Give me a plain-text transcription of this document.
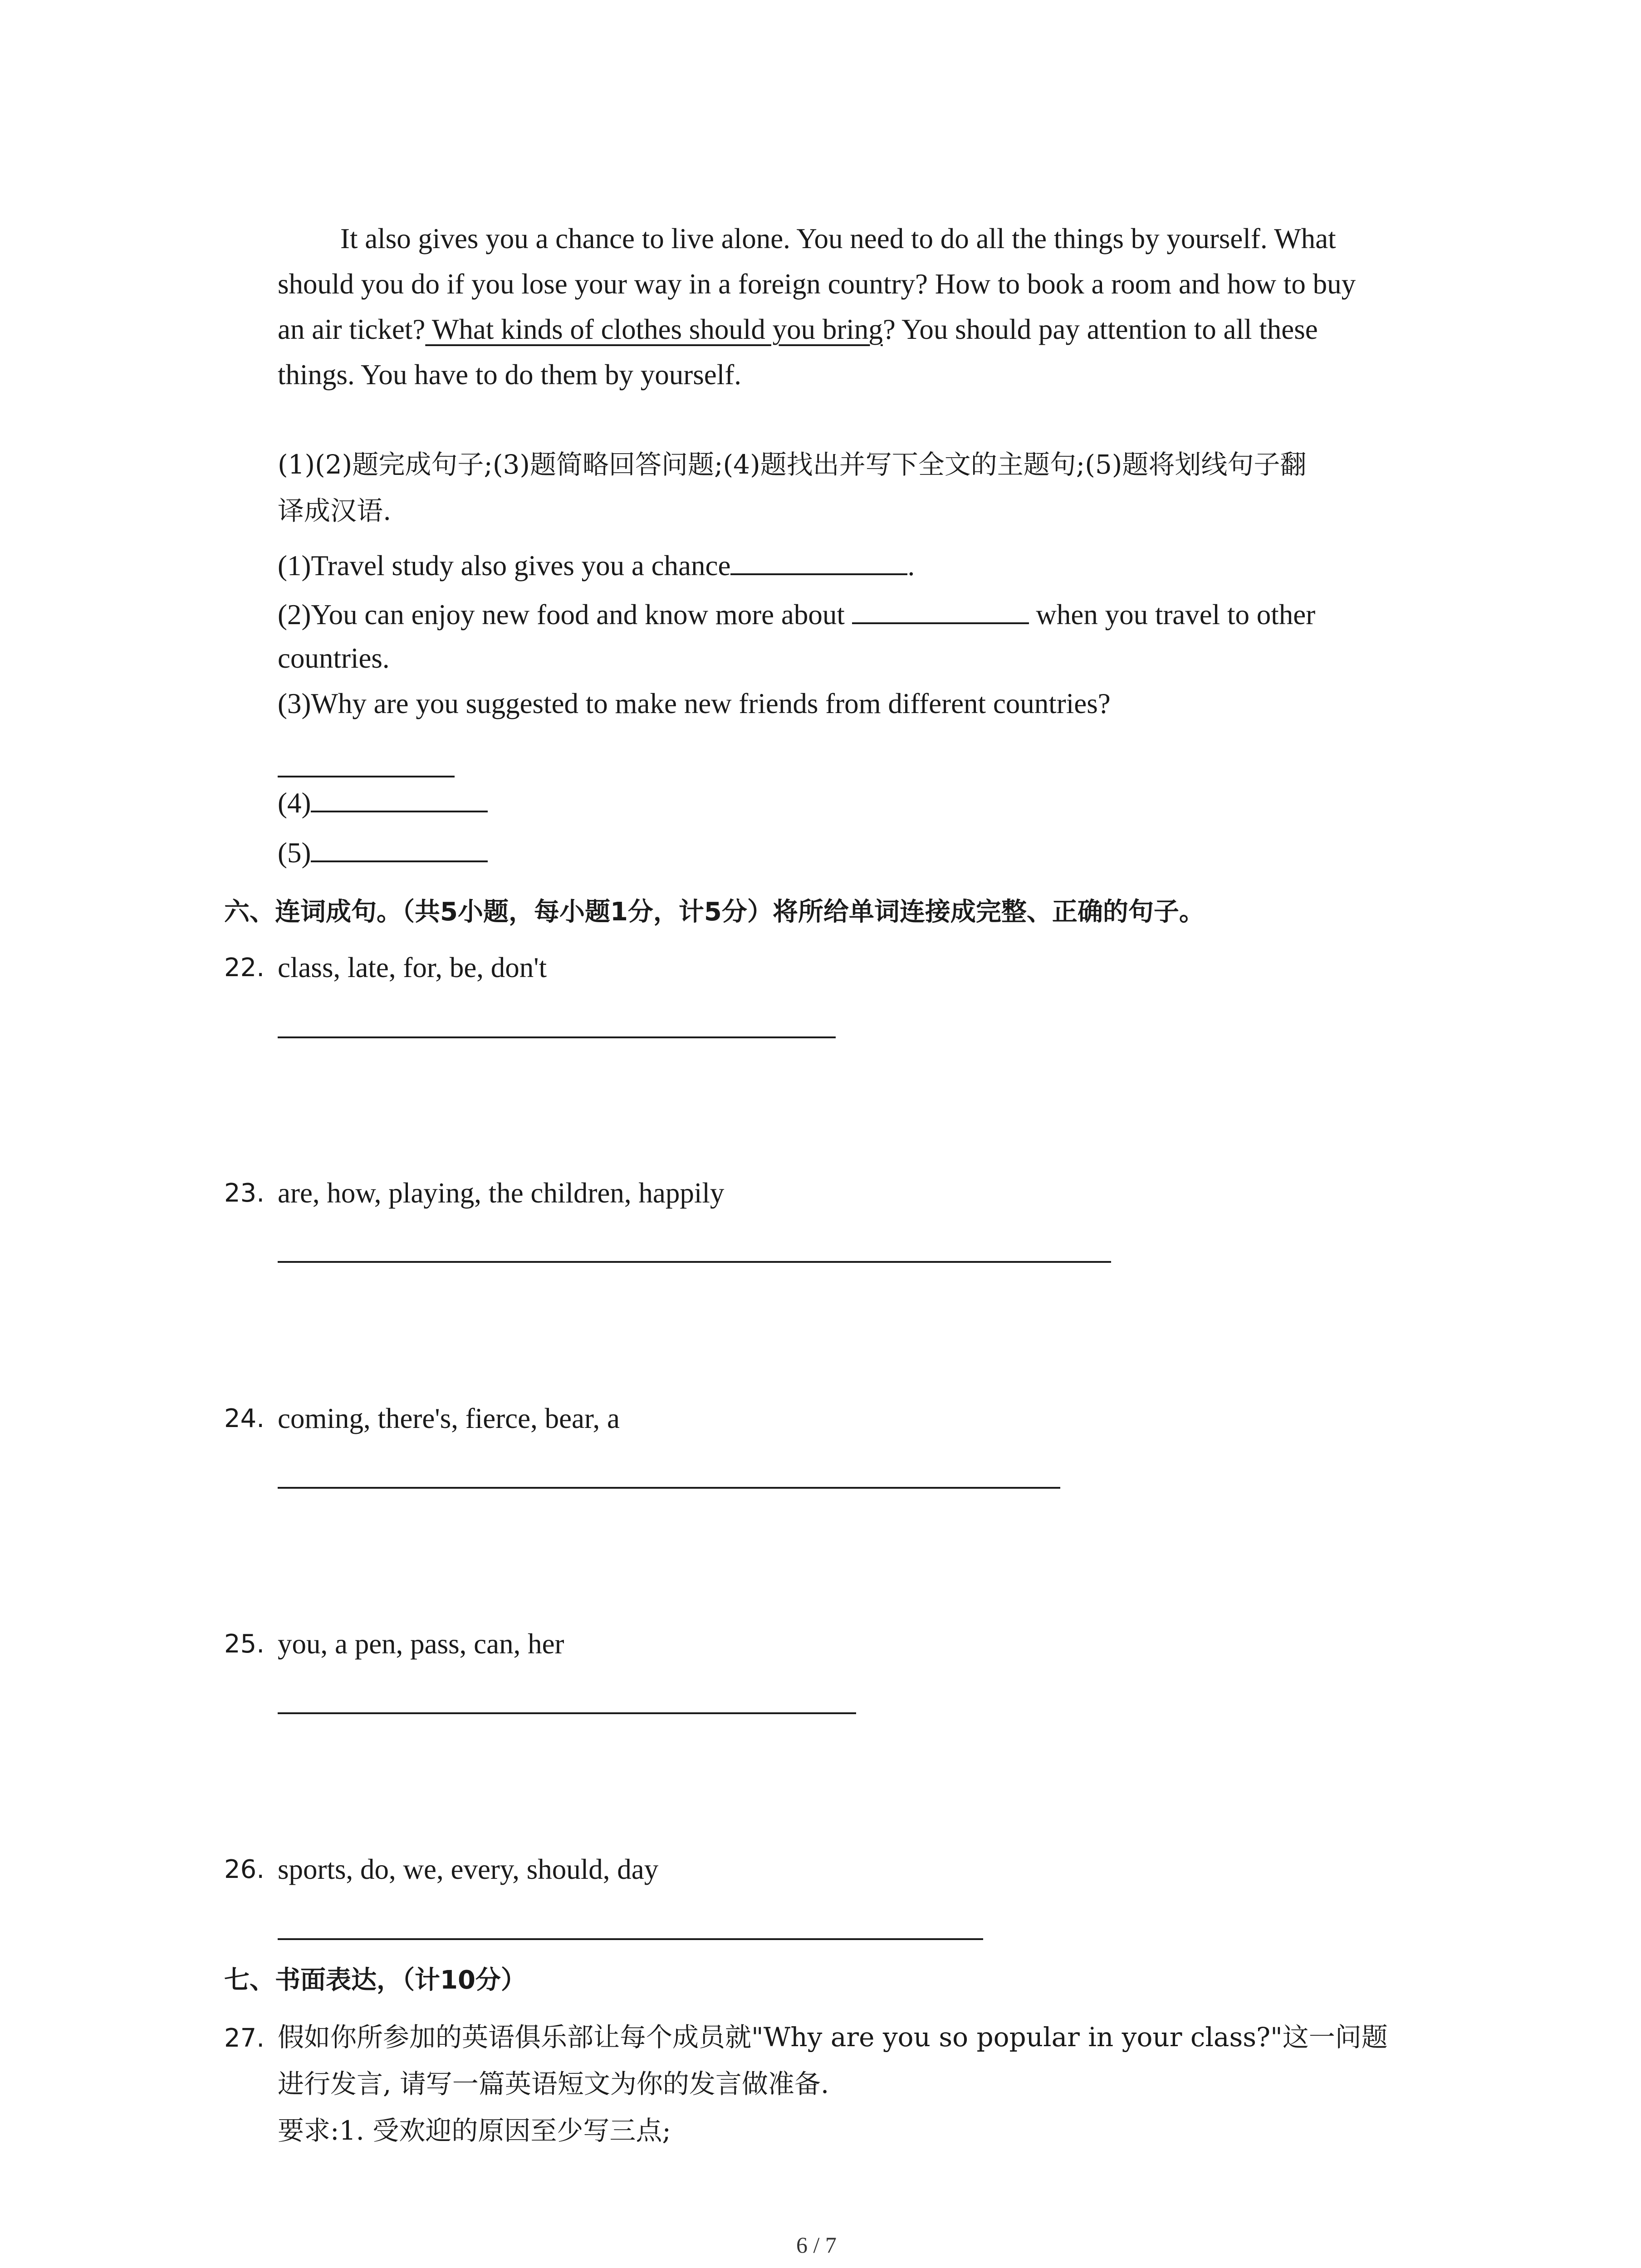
It also gives you a chance to live alone. You need to do all the things by yourself. What
should you do if you lose your way in a foreign country? How to book a room and how to buy
an air ticket? What kinds of clothes should you bring? You should pay attention to all these
things. You have to do them by yourself.
(1)(2)题完成句子;(3)题简略回答问题;(4)题找出并写下全文的主题句;(5)题将划线句子翻
译成汉语.
(1)Travel study also gives you a chance	.
(2)You can enjoy new food and know more about	when you travel to other
countries.
(3)Why are you suggested to make new friends from different countries?
(4)
(5)
六、连词成句。（共5小题，每小题1分，计5分）将所给单词连接成完整、正确的句子。
22. class, late, for, be, don't
23. are, how, playing, the children, happily
24. coming, there's, fierce, bear, a
25. you, a pen, pass, can, her
26. sports, do, we, every, should, day
七、书面表达，（计10分）
27. 假如你所参加的英语俱乐部让每个成员就"Why are you so popular in your class?"这一问题
进行发言, 请写一篇英语短文为你的发言做准备.
要求:1. 受欢迎的原因至少写三点;
6 / 7
